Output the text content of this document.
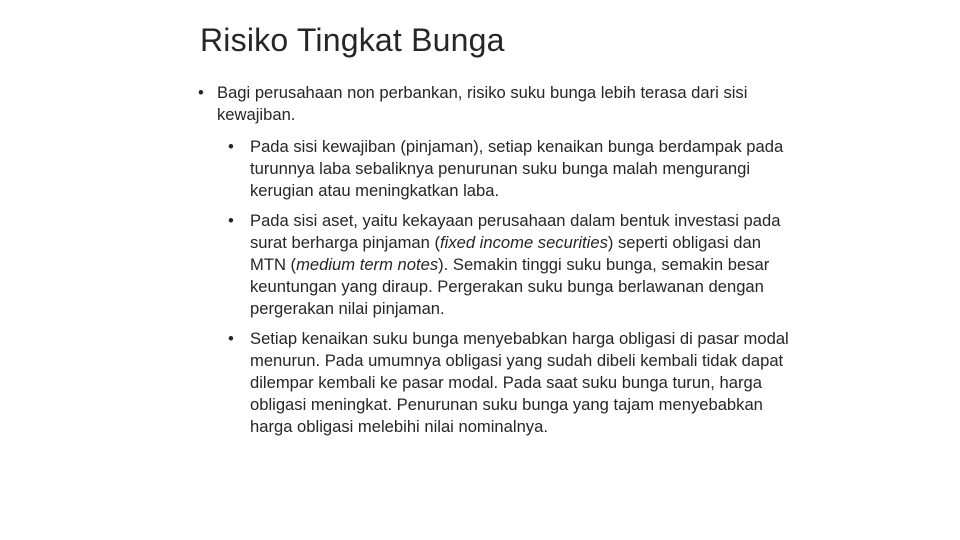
Risiko Tingkat Bunga
• Bagi perusahaan non perbankan, risiko suku bunga lebih terasa dari sisi kewajiban.
• Pada sisi kewajiban (pinjaman), setiap kenaikan bunga berdampak pada turunnya laba sebaliknya penurunan suku bunga malah mengurangi kerugian atau meningkatkan laba.
• Pada sisi aset, yaitu kekayaan perusahaan dalam bentuk investasi pada surat berharga pinjaman (fixed income securities) seperti obligasi dan MTN (medium term notes). Semakin tinggi suku bunga, semakin besar keuntungan yang diraup. Pergerakan suku bunga berlawanan dengan pergerakan nilai pinjaman.
• Setiap kenaikan suku bunga menyebabkan harga obligasi di pasar modal menurun. Pada umumnya obligasi yang sudah dibeli kembali tidak dapat dilempar kembali ke pasar modal. Pada saat suku bunga turun, harga obligasi meningkat. Penurunan suku bunga yang tajam menyebabkan harga obligasi melebihi nilai nominalnya.
